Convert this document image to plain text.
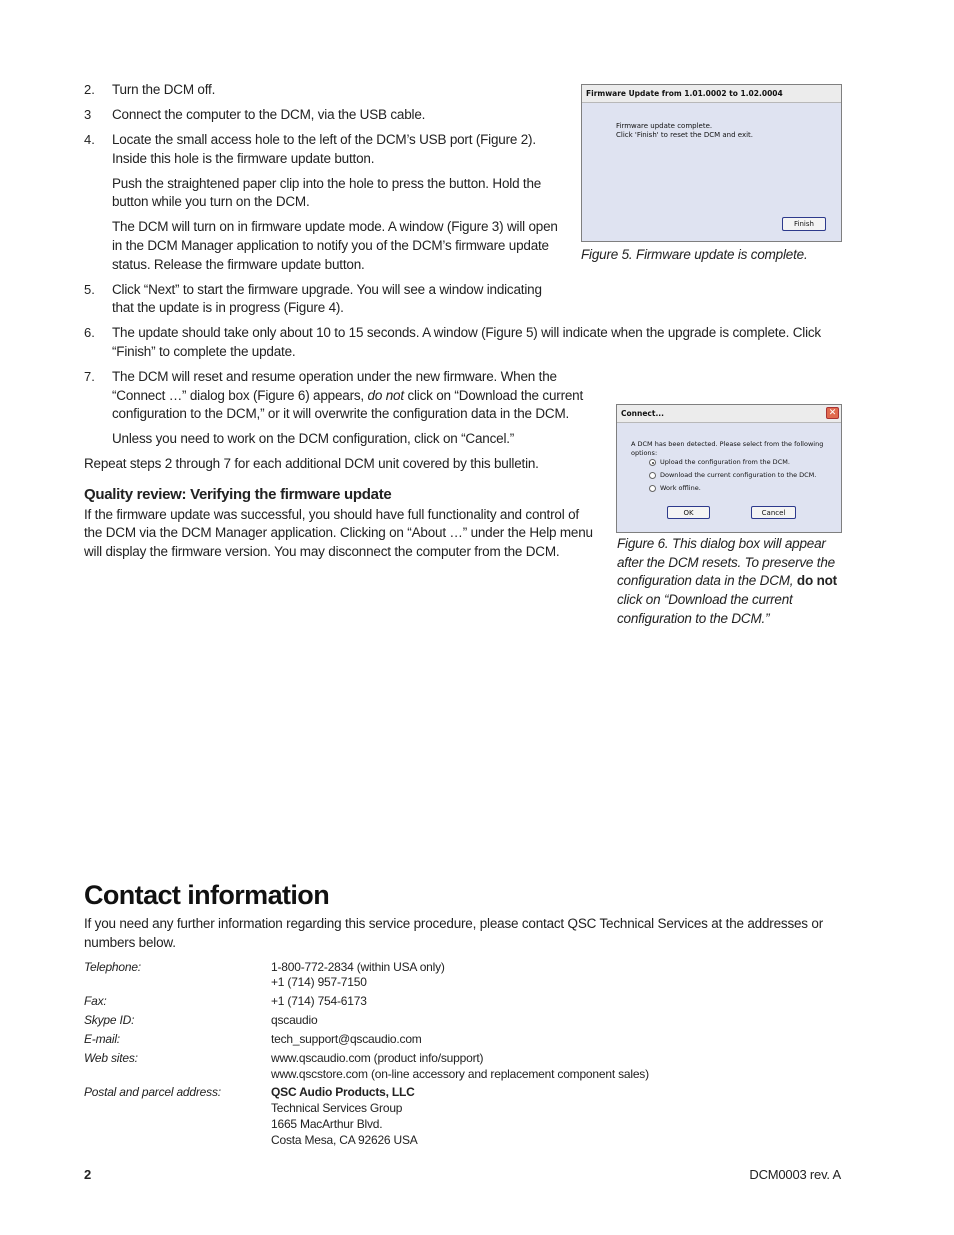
2.	Turn the DCM off.
3	Connect the computer to the DCM, via the USB cable.
4.	Locate the small access hole to the left of the DCM’s USB port (Figure 2).
Inside this hole is the firmware update button.
Push the straightened paper clip into the hole to press the button. Hold the
button while you turn on the DCM.
The DCM will turn on in firmware update mode. A window (Figure 3) will open
in the DCM Manager application to notify you of the DCM’s firmware update
status. Release the firmware update button.
5.	Click “Next” to start the firmware upgrade. You will see a window indicating
that the update is in progress (Figure 4).
6.	The update should take only about 10 to 15 seconds. A window (Figure 5) will indicate when the upgrade is complete. Click
“Finish” to complete the update.
7.	The DCM will reset and resume operation under the new firmware. When the
“Connect …” dialog box (Figure 6) appears, do not click on “Download the current
configuration to the DCM,” or it will overwrite the configuration data in the DCM.
Unless you need to work on the DCM configuration, click on “Cancel.”
Repeat steps 2 through 7 for each additional DCM unit covered by this bulletin.
Quality review: Verifying the firmware update
If the firmware update was successful, you should have full functionality and control of
the DCM via the DCM Manager application. Clicking on “About …” under the Help menu
will display the firmware version. You may disconnect the computer from the DCM.
Firmware Update from 1.01.0002 to 1.02.0004
Firmware update complete.
Click 'Finish' to reset the DCM and exit.
Finish
Figure 5. Firmware update is complete.
Connect...	✕
A DCM has been detected. Please select from the following options:
Upload the configuration from the DCM.
Download the current configuration to the DCM.
Work offline.
OK	Cancel
Figure 6. This dialog box will appear
after the DCM resets. To preserve the
configuration data in the DCM, do not
click on “Download the current
configuration to the DCM.”
Contact information
If you need any further information regarding this service procedure, please contact QSC Technical Services at the addresses or
numbers below.
Telephone:	1-800-772-2834 (within USA only)
+1 (714) 957-7150
Fax:	+1 (714) 754-6173
Skype ID:	qscaudio
E-mail:	tech_support@qscaudio.com
Web sites:	www.qscaudio.com (product info/support)
www.qscstore.com (on-line accessory and replacement component sales)
Postal and parcel address:	QSC Audio Products, LLC
Technical Services Group
1665 MacArthur Blvd.
Costa Mesa, CA 92626 USA
2	DCM0003 rev. A
